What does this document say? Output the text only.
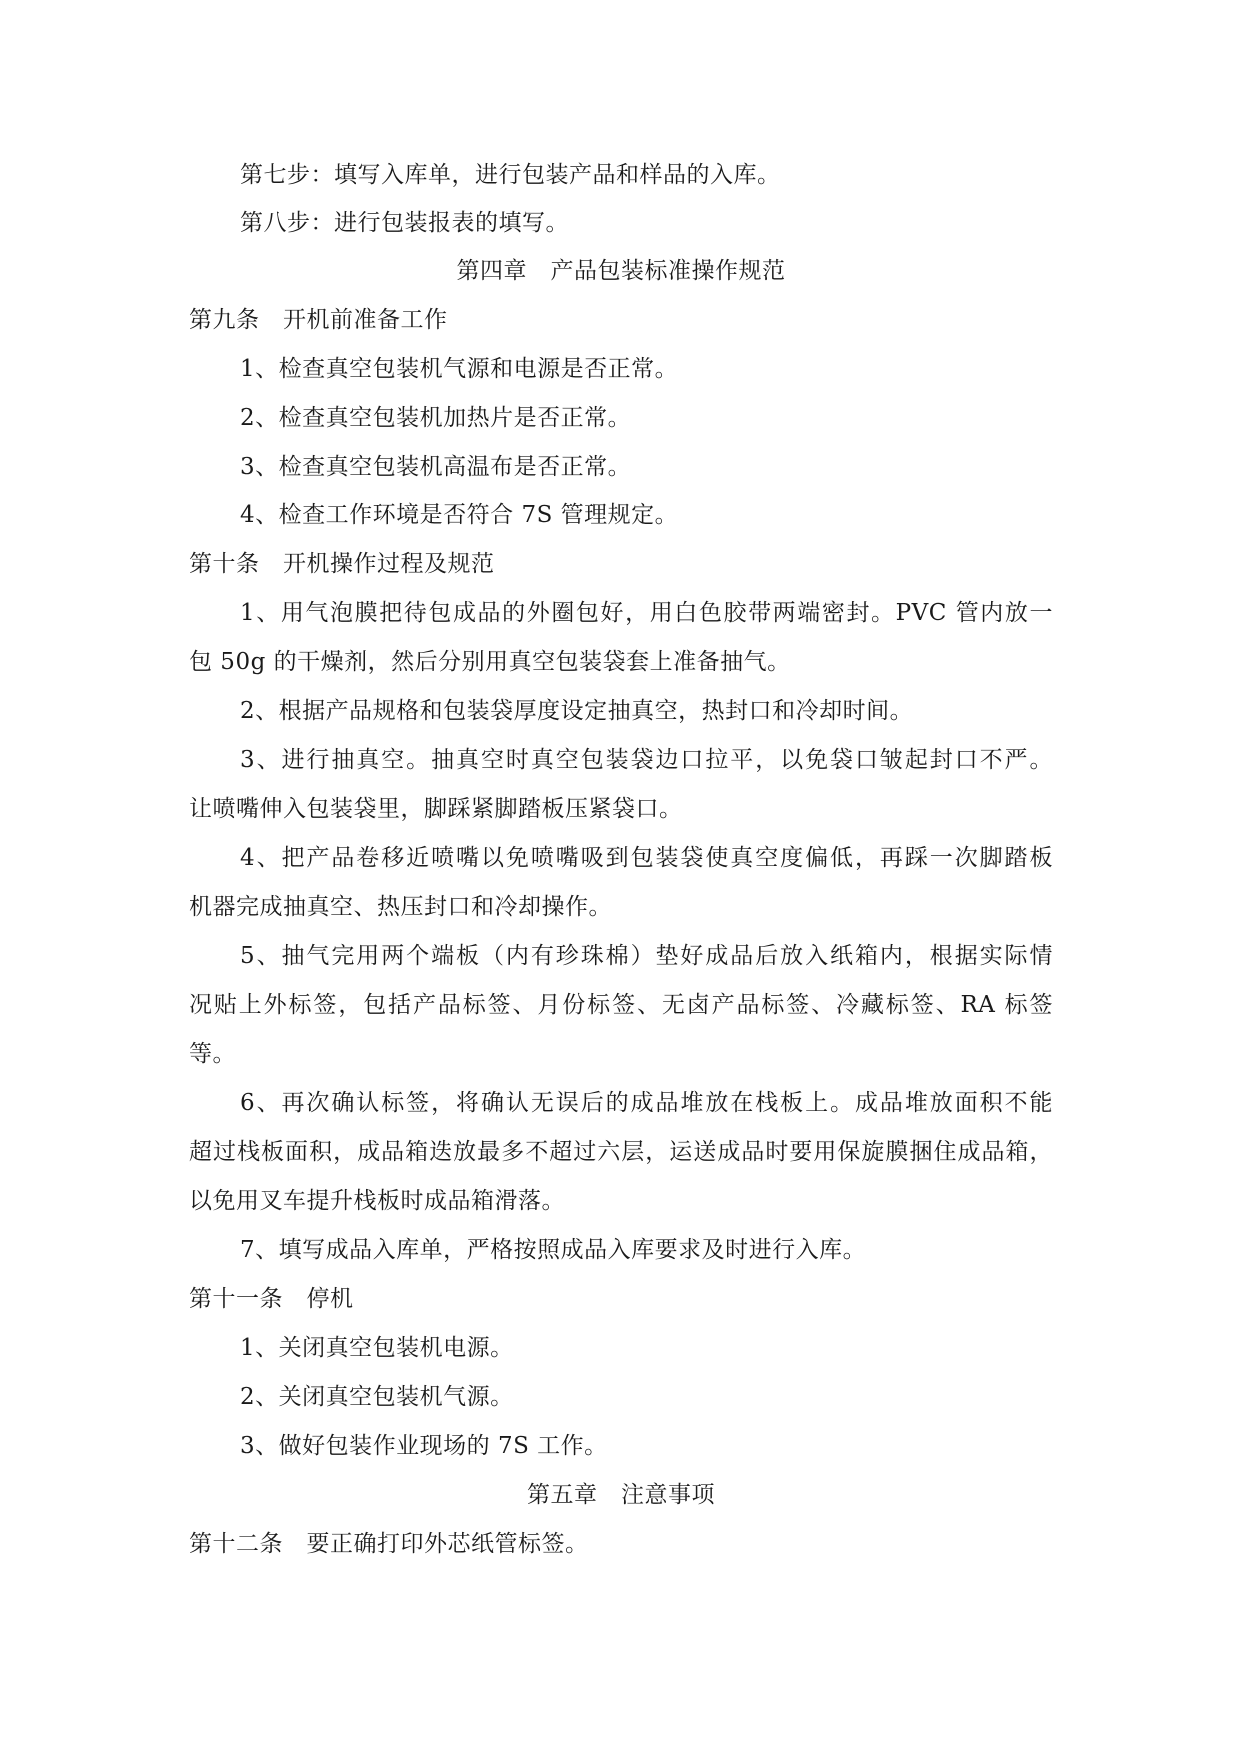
第七步：填写入库单，进行包装产品和样品的入库。
第八步：进行包装报表的填写。
第四章　产品包装标准操作规范
第九条　开机前准备工作
1、检查真空包装机气源和电源是否正常。
2、检查真空包装机加热片是否正常。
3、检查真空包装机高温布是否正常。
4、检查工作环境是否符合 7S 管理规定。
第十条　开机操作过程及规范
1、用气泡膜把待包成品的外圈包好，用白色胶带两端密封。PVC 管内放一
包 50g 的干燥剂，然后分别用真空包装袋套上准备抽气。
2、根据产品规格和包装袋厚度设定抽真空，热封口和冷却时间。
3、进行抽真空。抽真空时真空包装袋边口拉平，以免袋口皱起封口不严。
让喷嘴伸入包装袋里，脚踩紧脚踏板压紧袋口。
4、把产品卷移近喷嘴以免喷嘴吸到包装袋使真空度偏低，再踩一次脚踏板
机器完成抽真空、热压封口和冷却操作。
5、抽气完用两个端板（内有珍珠棉）垫好成品后放入纸箱内，根据实际情
况贴上外标签，包括产品标签、月份标签、无卤产品标签、冷藏标签、RA 标签
等。
6、再次确认标签，将确认无误后的成品堆放在栈板上。成品堆放面积不能
超过栈板面积，成品箱迭放最多不超过六层，运送成品时要用保旋膜捆住成品箱，
以免用叉车提升栈板时成品箱滑落。
7、填写成品入库单，严格按照成品入库要求及时进行入库。
第十一条　停机
1、关闭真空包装机电源。
2、关闭真空包装机气源。
3、做好包装作业现场的 7S 工作。
第五章　注意事项
第十二条　要正确打印外芯纸管标签。
